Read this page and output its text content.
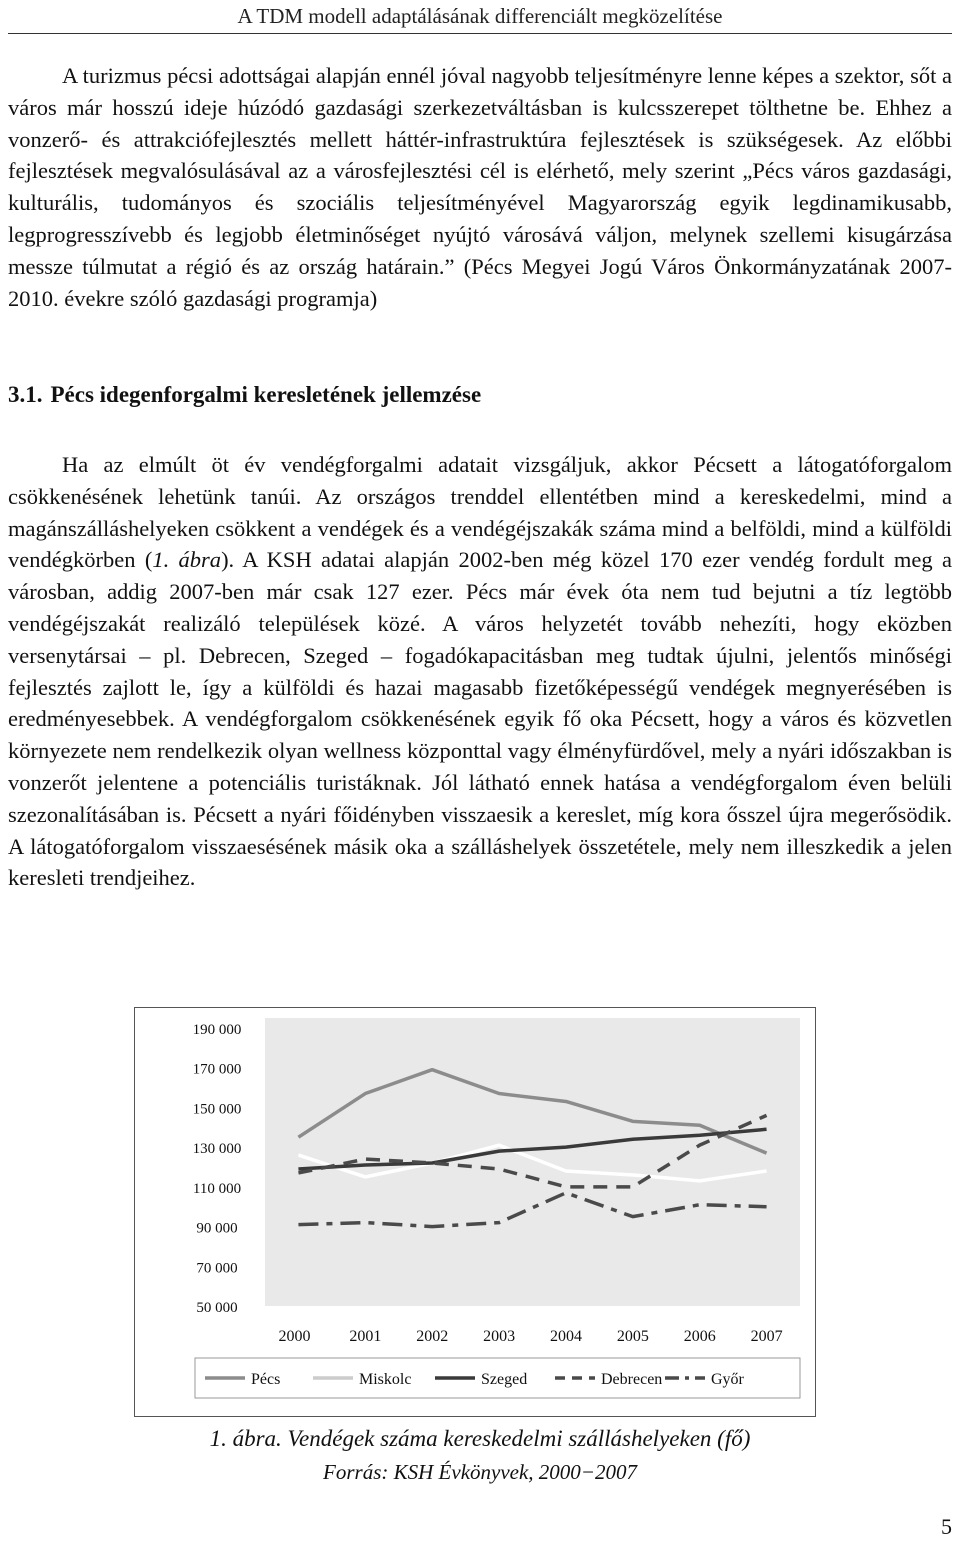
A TDM modell adaptálásának differenciált megközelítése

A turizmus pécsi adottságai alapján ennél jóval nagyobb teljesítményre lenne képes a szektor, sőt a város már hosszú ideje húzódó gazdasági szerkezetváltásban is kulcsszerepet tölthetne be. Ehhez a vonzerő- és attrakciófejlesztés mellett háttér-infrastruktúra fejlesztések is szükségesek. Az előbbi fejlesztések megvalósulásával az a városfejlesztési cél is elérhető, mely szerint „Pécs város gazdasági, kulturális, tudományos és szociális teljesítményével Magyarország egyik legdinamikusabb, legprogresszívebb és legjobb életminőséget nyújtó városává váljon, melynek szellemi kisugárzása messze túlmutat a régió és az ország határain.” (Pécs Megyei Jogú Város Önkormányzatának 2007-2010. évekre szóló gazdasági programja)

3.1. Pécs idegenforgalmi keresletének jellemzése

Ha az elmúlt öt év vendégforgalmi adatait vizsgáljuk, akkor Pécsett a látogatóforgalom csökkenésének lehetünk tanúi. Az országos trenddel ellentétben mind a kereskedelmi, mind a magánszálláshelyeken csökkent a vendégek és a vendégéjszakák száma mind a belföldi, mind a külföldi vendégkörben (1. ábra). A KSH adatai alapján 2002-ben még közel 170 ezer vendég fordult meg a városban, addig 2007-ben már csak 127 ezer. Pécs már évek óta nem tud bejutni a tíz legtöbb vendégéjszakát realizáló települések közé. A város helyzetét tovább nehezíti, hogy eközben versenytársai – pl. Debrecen, Szeged – fogadókapacitásban meg tudtak újulni, jelentős minőségi fejlesztés zajlott le, így a külföldi és hazai magasabb fizetőképességű vendégek megnyerésében is eredményesebbek. A vendégforgalom csökkenésének egyik fő oka Pécsett, hogy a város és közvetlen környezete nem rendelkezik olyan wellness központtal vagy élményfürdővel, mely a nyári időszakban is vonzerőt jelentene a potenciális turistáknak. Jól látható ennek hatása a vendégforgalom éven belüli szezonalításában is. Pécsett a nyári főidényben visszaesik a kereslet, míg kora ősszel újra megerősödik. A látogatóforgalom visszaesésének másik oka a szálláshelyek összetétele, mely nem illeszkedik a jelen keresleti trendjeihez.

190 000
170 000
150 000
130 000
110 000
90 000
70 000
50 000
2000 2001 2002 2003 2004 2005 2006 2007
Pécs	Miskolc	Szeged	Debrecen	Győr

1. ábra. Vendégek száma kereskedelmi szálláshelyeken (fő)

Forrás: KSH Évkönyvek, 2000−2007

5
